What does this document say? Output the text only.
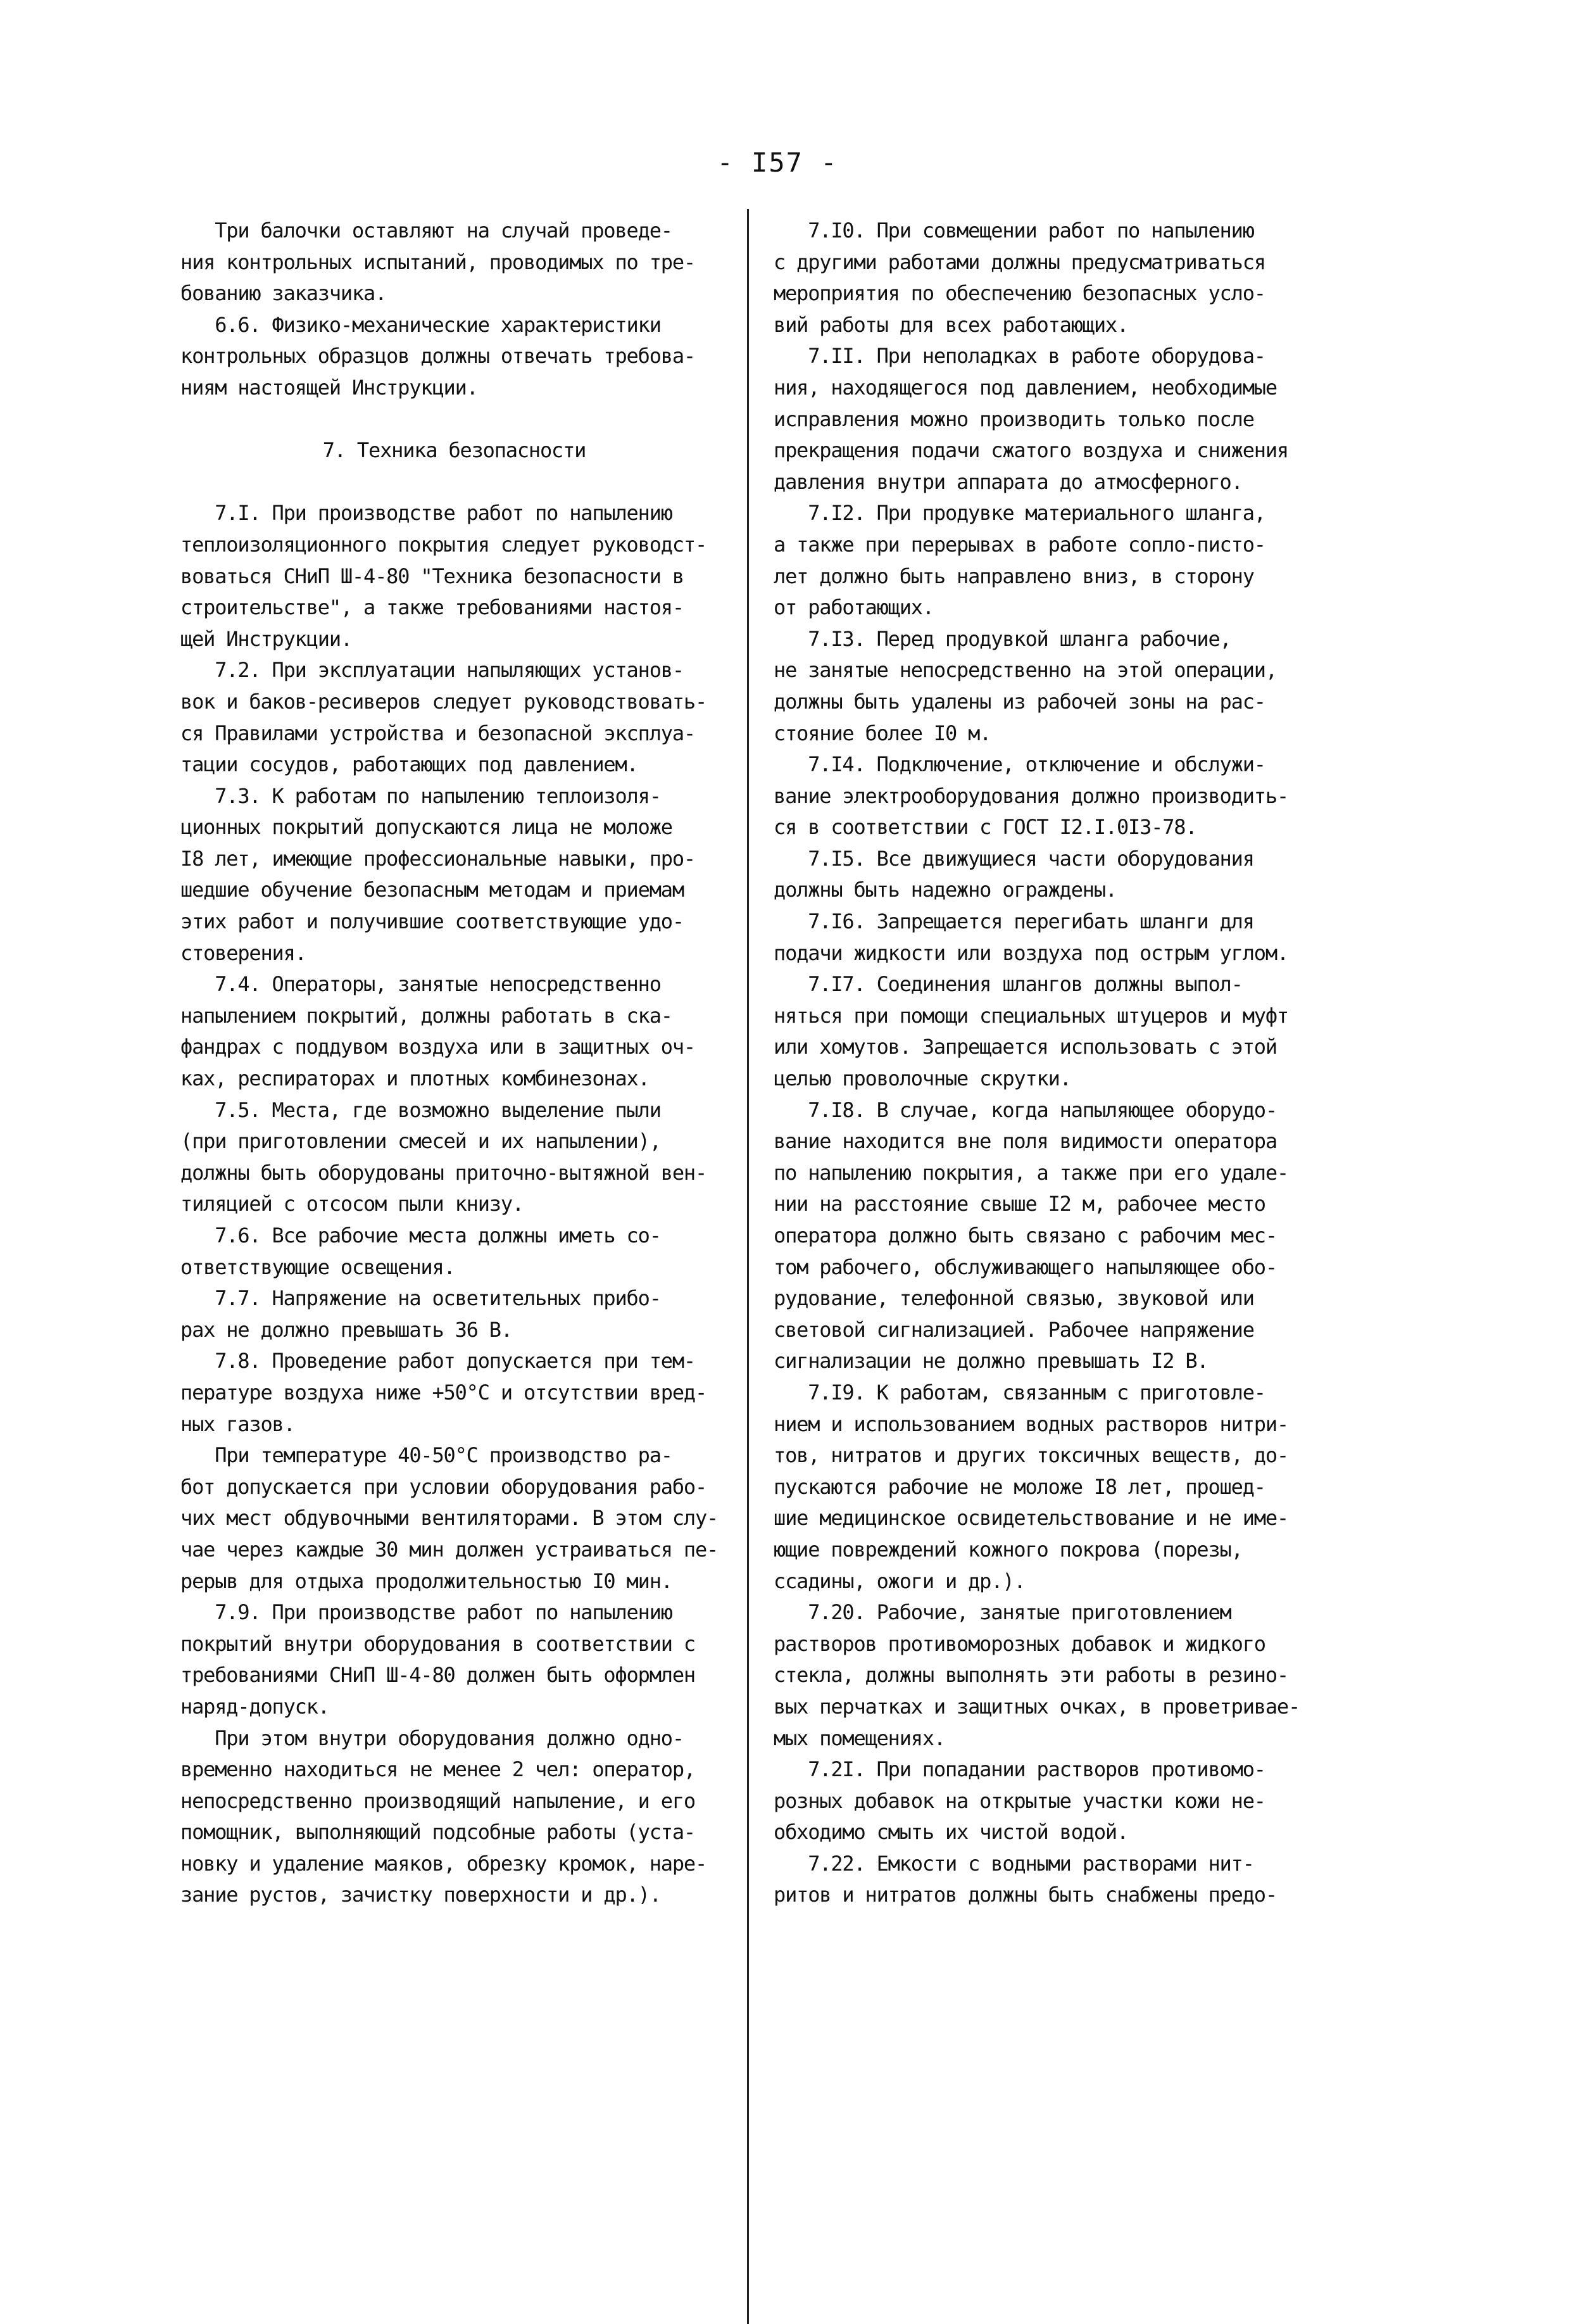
- I57 -
Три балочки оставляют на случай проведе-
ния контрольных испытаний, проводимых по тре-
бованию заказчика.
6.6. Физико-механические характеристики
контрольных образцов должны отвечать требова-
ниям настоящей Инструкции.
7. Техника безопасности
7.I. При производстве работ по напылению
теплоизоляционного покрытия следует руководст-
воваться СНиП Ш-4-80 "Техника безопасности в
строительстве", а также требованиями настоя-
щей Инструкции.
7.2. При эксплуатации напыляющих установ-
вок и баков-ресиверов следует руководствовать-
ся Правилами устройства и безопасной эксплуа-
тации сосудов, работающих под давлением.
7.3. К работам по напылению теплоизоля-
ционных покрытий допускаются лица не моложе
I8 лет, имеющие профессиональные навыки, про-
шедшие обучение безопасным методам и приемам
этих работ и получившие соответствующие удо-
стоверения.
7.4. Операторы, занятые непосредственно
напылением покрытий, должны работать в ска-
фандрах с поддувом воздуха или в защитных оч-
ках, респираторах и плотных комбинезонах.
7.5. Места, где возможно выделение пыли
(при приготовлении смесей и их напылении),
должны быть оборудованы приточно-вытяжной вен-
тиляцией с отсосом пыли книзу.
7.6. Все рабочие места должны иметь со-
ответствующие освещения.
7.7. Напряжение на осветительных прибо-
рах не должно превышать 36 В.
7.8. Проведение работ допускается при тем-
пературе воздуха ниже +50°С и отсутствии вред-
ных газов.
При температуре 40-50°С производство ра-
бот допускается при условии оборудования рабо-
чих мест обдувочными вентиляторами. В этом слу-
чае через каждые 30 мин должен устраиваться пе-
рерыв для отдыха продолжительностью I0 мин.
7.9. При производстве работ по напылению
покрытий внутри оборудования в соответствии с
требованиями СНиП Ш-4-80 должен быть оформлен
наряд-допуск.
При этом внутри оборудования должно одно-
временно находиться не менее 2 чел: оператор,
непосредственно производящий напыление, и его
помощник, выполняющий подсобные работы (уста-
новку и удаление маяков, обрезку кромок, наре-
зание рустов, зачистку поверхности и др.).
7.I0. При совмещении работ по напылению
с другими работами должны предусматриваться
мероприятия по обеспечению безопасных усло-
вий работы для всех работающих.
7.II. При неполадках в работе оборудова-
ния, находящегося под давлением, необходимые
исправления можно производить только после
прекращения подачи сжатого воздуха и снижения
давления внутри аппарата до атмосферного.
7.I2. При продувке материального шланга,
а также при перерывах в работе сопло-писто-
лет должно быть направлено вниз, в сторону
от работающих.
7.I3. Перед продувкой шланга рабочие,
не занятые непосредственно на этой операции,
должны быть удалены из рабочей зоны на рас-
стояние более I0 м.
7.I4. Подключение, отключение и обслужи-
вание электрооборудования должно производить-
ся в соответствии с ГОСТ I2.I.0I3-78.
7.I5. Все движущиеся части оборудования
должны быть надежно ограждены.
7.I6. Запрещается перегибать шланги для
подачи жидкости или воздуха под острым углом.
7.I7. Соединения шлангов должны выпол-
няться при помощи специальных штуцеров и муфт
или хомутов. Запрещается использовать с этой
целью проволочные скрутки.
7.I8. В случае, когда напыляющее оборудо-
вание находится вне поля видимости оператора
по напылению покрытия, а также при его удале-
нии на расстояние свыше I2 м, рабочее место
оператора должно быть связано с рабочим мес-
том рабочего, обслуживающего напыляющее обо-
рудование, телефонной связью, звуковой или
световой сигнализацией. Рабочее напряжение
сигнализации не должно превышать I2 В.
7.I9. К работам, связанным с приготовле-
нием и использованием водных растворов нитри-
тов, нитратов и других токсичных веществ, до-
пускаются рабочие не моложе I8 лет, прошед-
шие медицинское освидетельствование и не име-
ющие повреждений кожного покрова (порезы,
ссадины, ожоги и др.).
7.20. Рабочие, занятые приготовлением
растворов противоморозных добавок и жидкого
стекла, должны выполнять эти работы в резино-
вых перчатках и защитных очках, в проветривае-
мых помещениях.
7.2I. При попадании растворов противомо-
розных добавок на открытые участки кожи не-
обходимо смыть их чистой водой.
7.22. Емкости с водными растворами нит-
ритов и нитратов должны быть снабжены предо-
